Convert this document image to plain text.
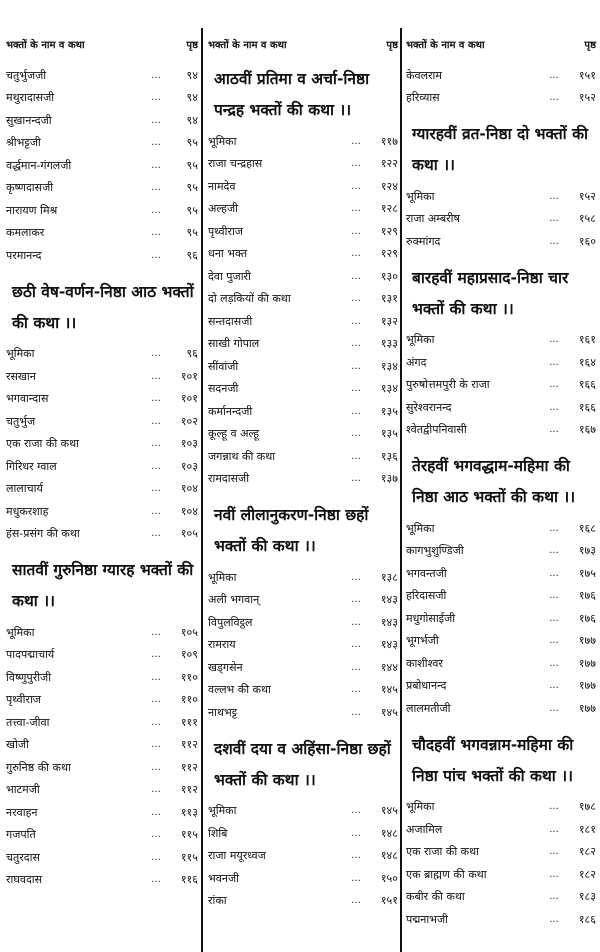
भक्तों के नाम व कथा	पृष्ठ
चतुर्भुजजी	...	९४
मथुरादासजी	...	९४
सुखानन्दजी	...	९४
श्रीभट्टजी	...	९५
वर्द्धमान-गंगलजी	...	९५
कृष्णदासजी	...	९५
नारायण मिश्र	...	९५
कमलाकर	...	९५
परमानन्द	...	९६
छठी वेष-वर्णन-निष्ठा आठ भक्तों की कथा ।।
भूमिका	...	९६
रसखान	...	१०१
भगवान्दास	...	१०१
चतुर्भुज	...	१०२
एक राजा की कथा	...	१०३
गिरिधर ग्वाल	...	१०३
लालाचार्य	...	१०४
मधुकरशाह	...	१०४
हंस-प्रसंग की कथा	...	१०५
सातवीं गुरुनिष्ठा ग्यारह भक्तों की कथा ।।
भूमिका	...	१०५
पादपद्माचार्य	...	१०९
विष्णुपुरीजी	...	११०
पृथ्वीराज	...	११०
तत्त्वा-जीवा	...	१११
खोजी	...	११२
गुरुनिष्ठ की कथा	...	११२
भाटमजी	...	११२
नरवाहन	...	११३
गजपति	...	११५
चतुरदास	...	११५
राघवदास	...	११६
भक्तों के नाम व कथा	पृष्ठ
आठवीं प्रतिमा व अर्चा-निष्ठा पन्द्रह भक्तों की कथा ।।
भूमिका	...	११७
राजा चन्द्रहास	...	१२२
नामदेव	...	१२४
अल्हजी	...	१२८
पृथ्वीराज	...	१२९
धना भक्त	...	१२९
देवा पुजारी	...	१३०
दो लड़कियों की कथा	...	१३१
सन्तदासजी	...	१३२
साखी गोपाल	...	१३३
सींवांजी	...	१३४
सदनजी	...	१३४
कर्मानन्दजी	...	१३५
कूल्हू व अल्हू	...	१३५
जगन्नाथ की कथा	...	१३६
रामदासजी	...	१३७
नवीं लीलानुकरण-निष्ठा छहों भक्तों की कथा ।।
भूमिका	...	१३८
अली भगवान्	...	१४३
विपुलविट्ठल	...	१४३
रामराय	...	१४३
खड्गसेन	...	१४४
वल्लभ की कथा	...	१४५
नाथभट्ट	...	१४५
दशवीं दया व अहिंसा-निष्ठा छहों भक्तों की कथा ।।
भूमिका	...	१४५
शिबि	...	१४८
राजा मयूरध्वज	...	१४८
भवनजी	...	१५०
रांका	...	१५१
भक्तों के नाम व कथा	पृष्ठ
केवलराम	...	१५१
हरिव्यास	...	१५२
ग्यारहवीं व्रत-निष्ठा दो भक्तों की कथा ।।
भूमिका	...	१५२
राजा अम्बरीष	...	१५८
रुक्मांगद	...	१६०
बारहवीं महाप्रसाद-निष्ठा चार भक्तों की कथा ।।
भूमिका	...	१६१
अंगद	...	१६४
पुरुषोत्तमपुरी के राजा	...	१६६
सुरेश्वरानन्द	...	१६६
श्वेतद्वीपनिवासी	...	१६७
तेरहवीं भगवद्धाम-महिमा की निष्ठा आठ भक्तों की कथा ।।
भूमिका	...	१६८
कागभुशुण्डिजी	...	१७३
भगवन्तजी	...	१७५
हरिदासजी	...	१७६
मधुगोसाईजी	...	१७६
भूगर्भजी	...	१७७
काशीश्वर	...	१७७
प्रबोधानन्द	...	१७७
लालमतीजी	...	१७७
चौदहवीं भगवन्नाम-महिमा की निष्ठा पांच भक्तों की कथा ।।
भूमिका	...	१७८
अजामिल	...	१८१
एक राजा की कथा	...	१८२
एक ब्राह्मण की कथा	...	१८२
कबीर की कथा	...	१८३
पद्मनाभजी	...	१८६
